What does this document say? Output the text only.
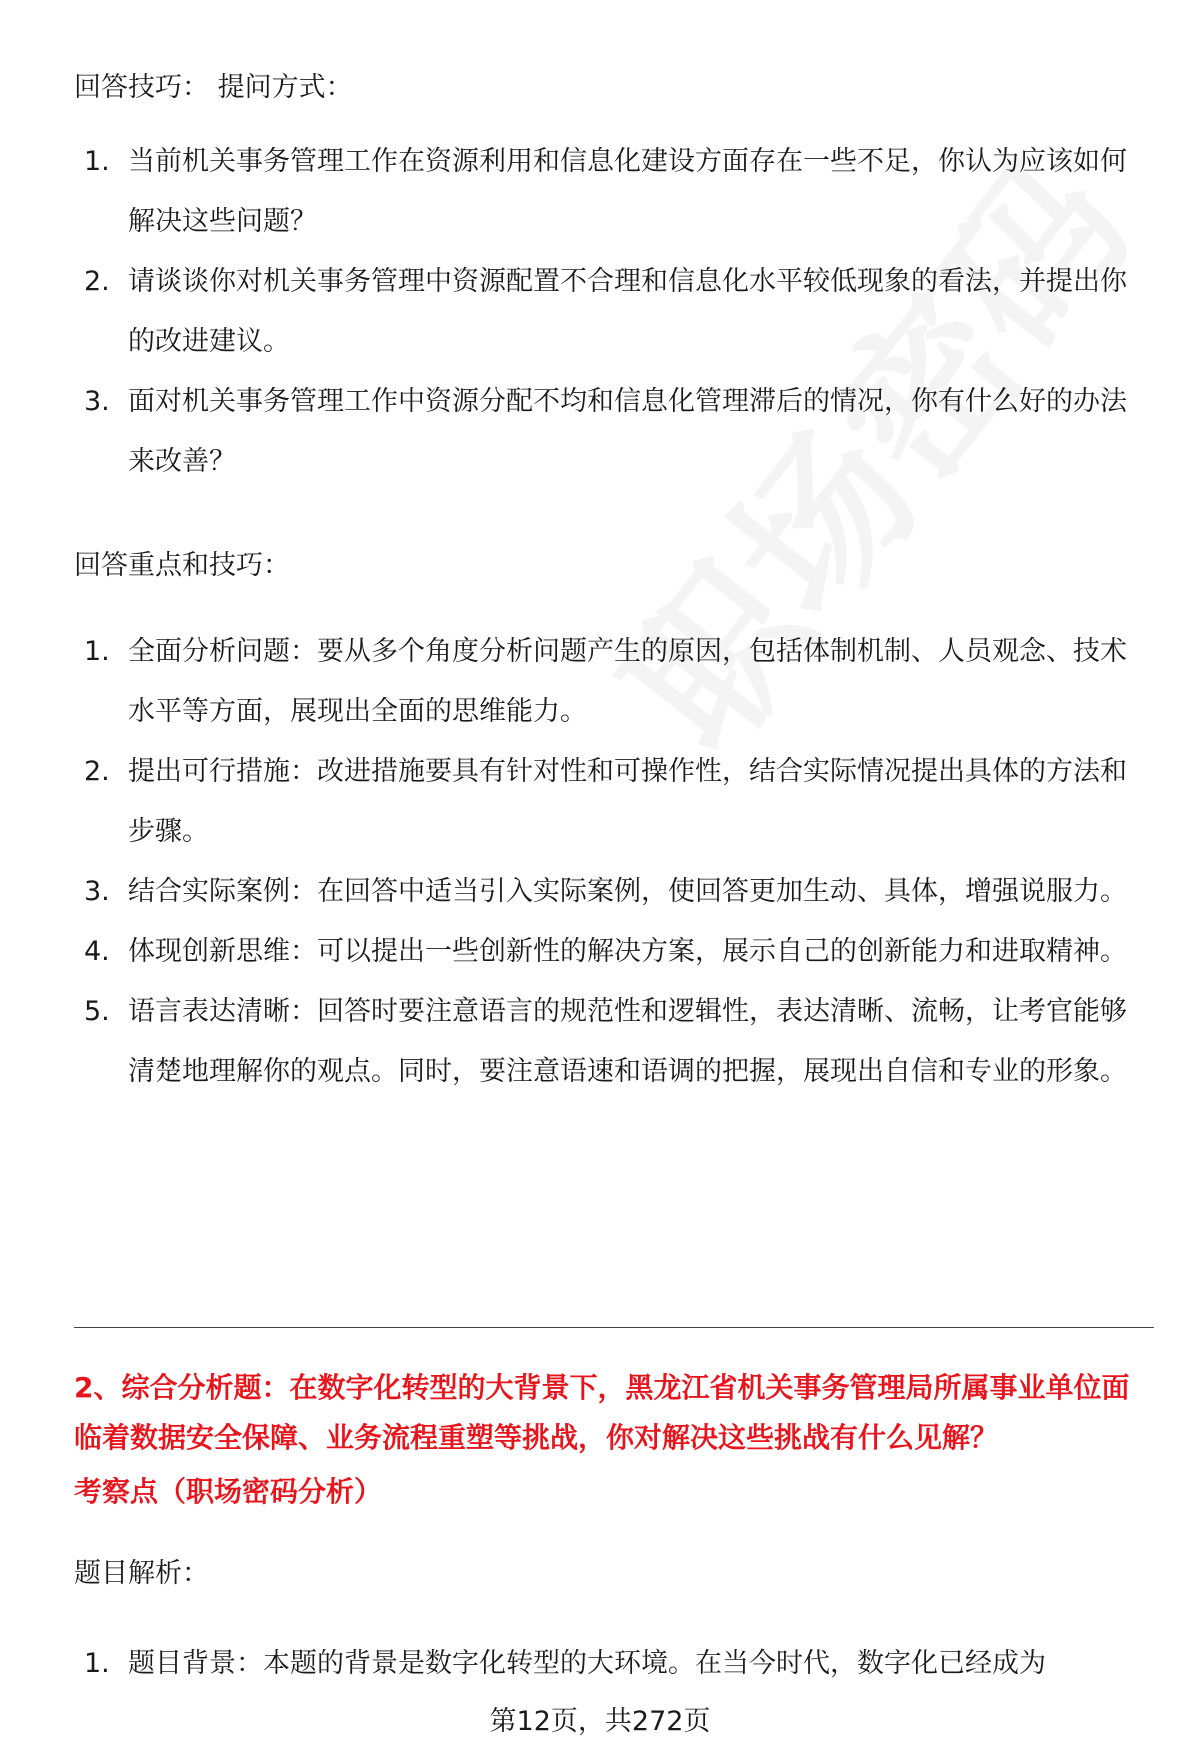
回答技巧： 提问方式：
1. 当前机关事务管理工作在资源利用和信息化建设方面存在一些不足，你认为应该如何解决这些问题？
2. 请谈谈你对机关事务管理中资源配置不合理和信息化水平较低现象的看法，并提出你的改进建议。
3. 面对机关事务管理工作中资源分配不均和信息化管理滞后的情况，你有什么好的办法来改善？
回答重点和技巧：
1. 全面分析问题：要从多个角度分析问题产生的原因，包括体制机制、人员观念、技术水平等方面，展现出全面的思维能力。
2. 提出可行措施：改进措施要具有针对性和可操作性，结合实际情况提出具体的方法和步骤。
3. 结合实际案例：在回答中适当引入实际案例，使回答更加生动、具体，增强说服力。
4. 体现创新思维：可以提出一些创新性的解决方案，展示自己的创新能力和进取精神。
5. 语言表达清晰：回答时要注意语言的规范性和逻辑性，表达清晰、流畅，让考官能够清楚地理解你的观点。同时，要注意语速和语调的把握，展现出自信和专业的形象。
2、综合分析题：在数字化转型的大背景下，黑龙江省机关事务管理局所属事业单位面临着数据安全保障、业务流程重塑等挑战，你对解决这些挑战有什么见解？
考察点（职场密码分析）
题目解析：
1. 题目背景：本题的背景是数字化转型的大环境。在当今时代，数字化已经成为
第12页，共272页
